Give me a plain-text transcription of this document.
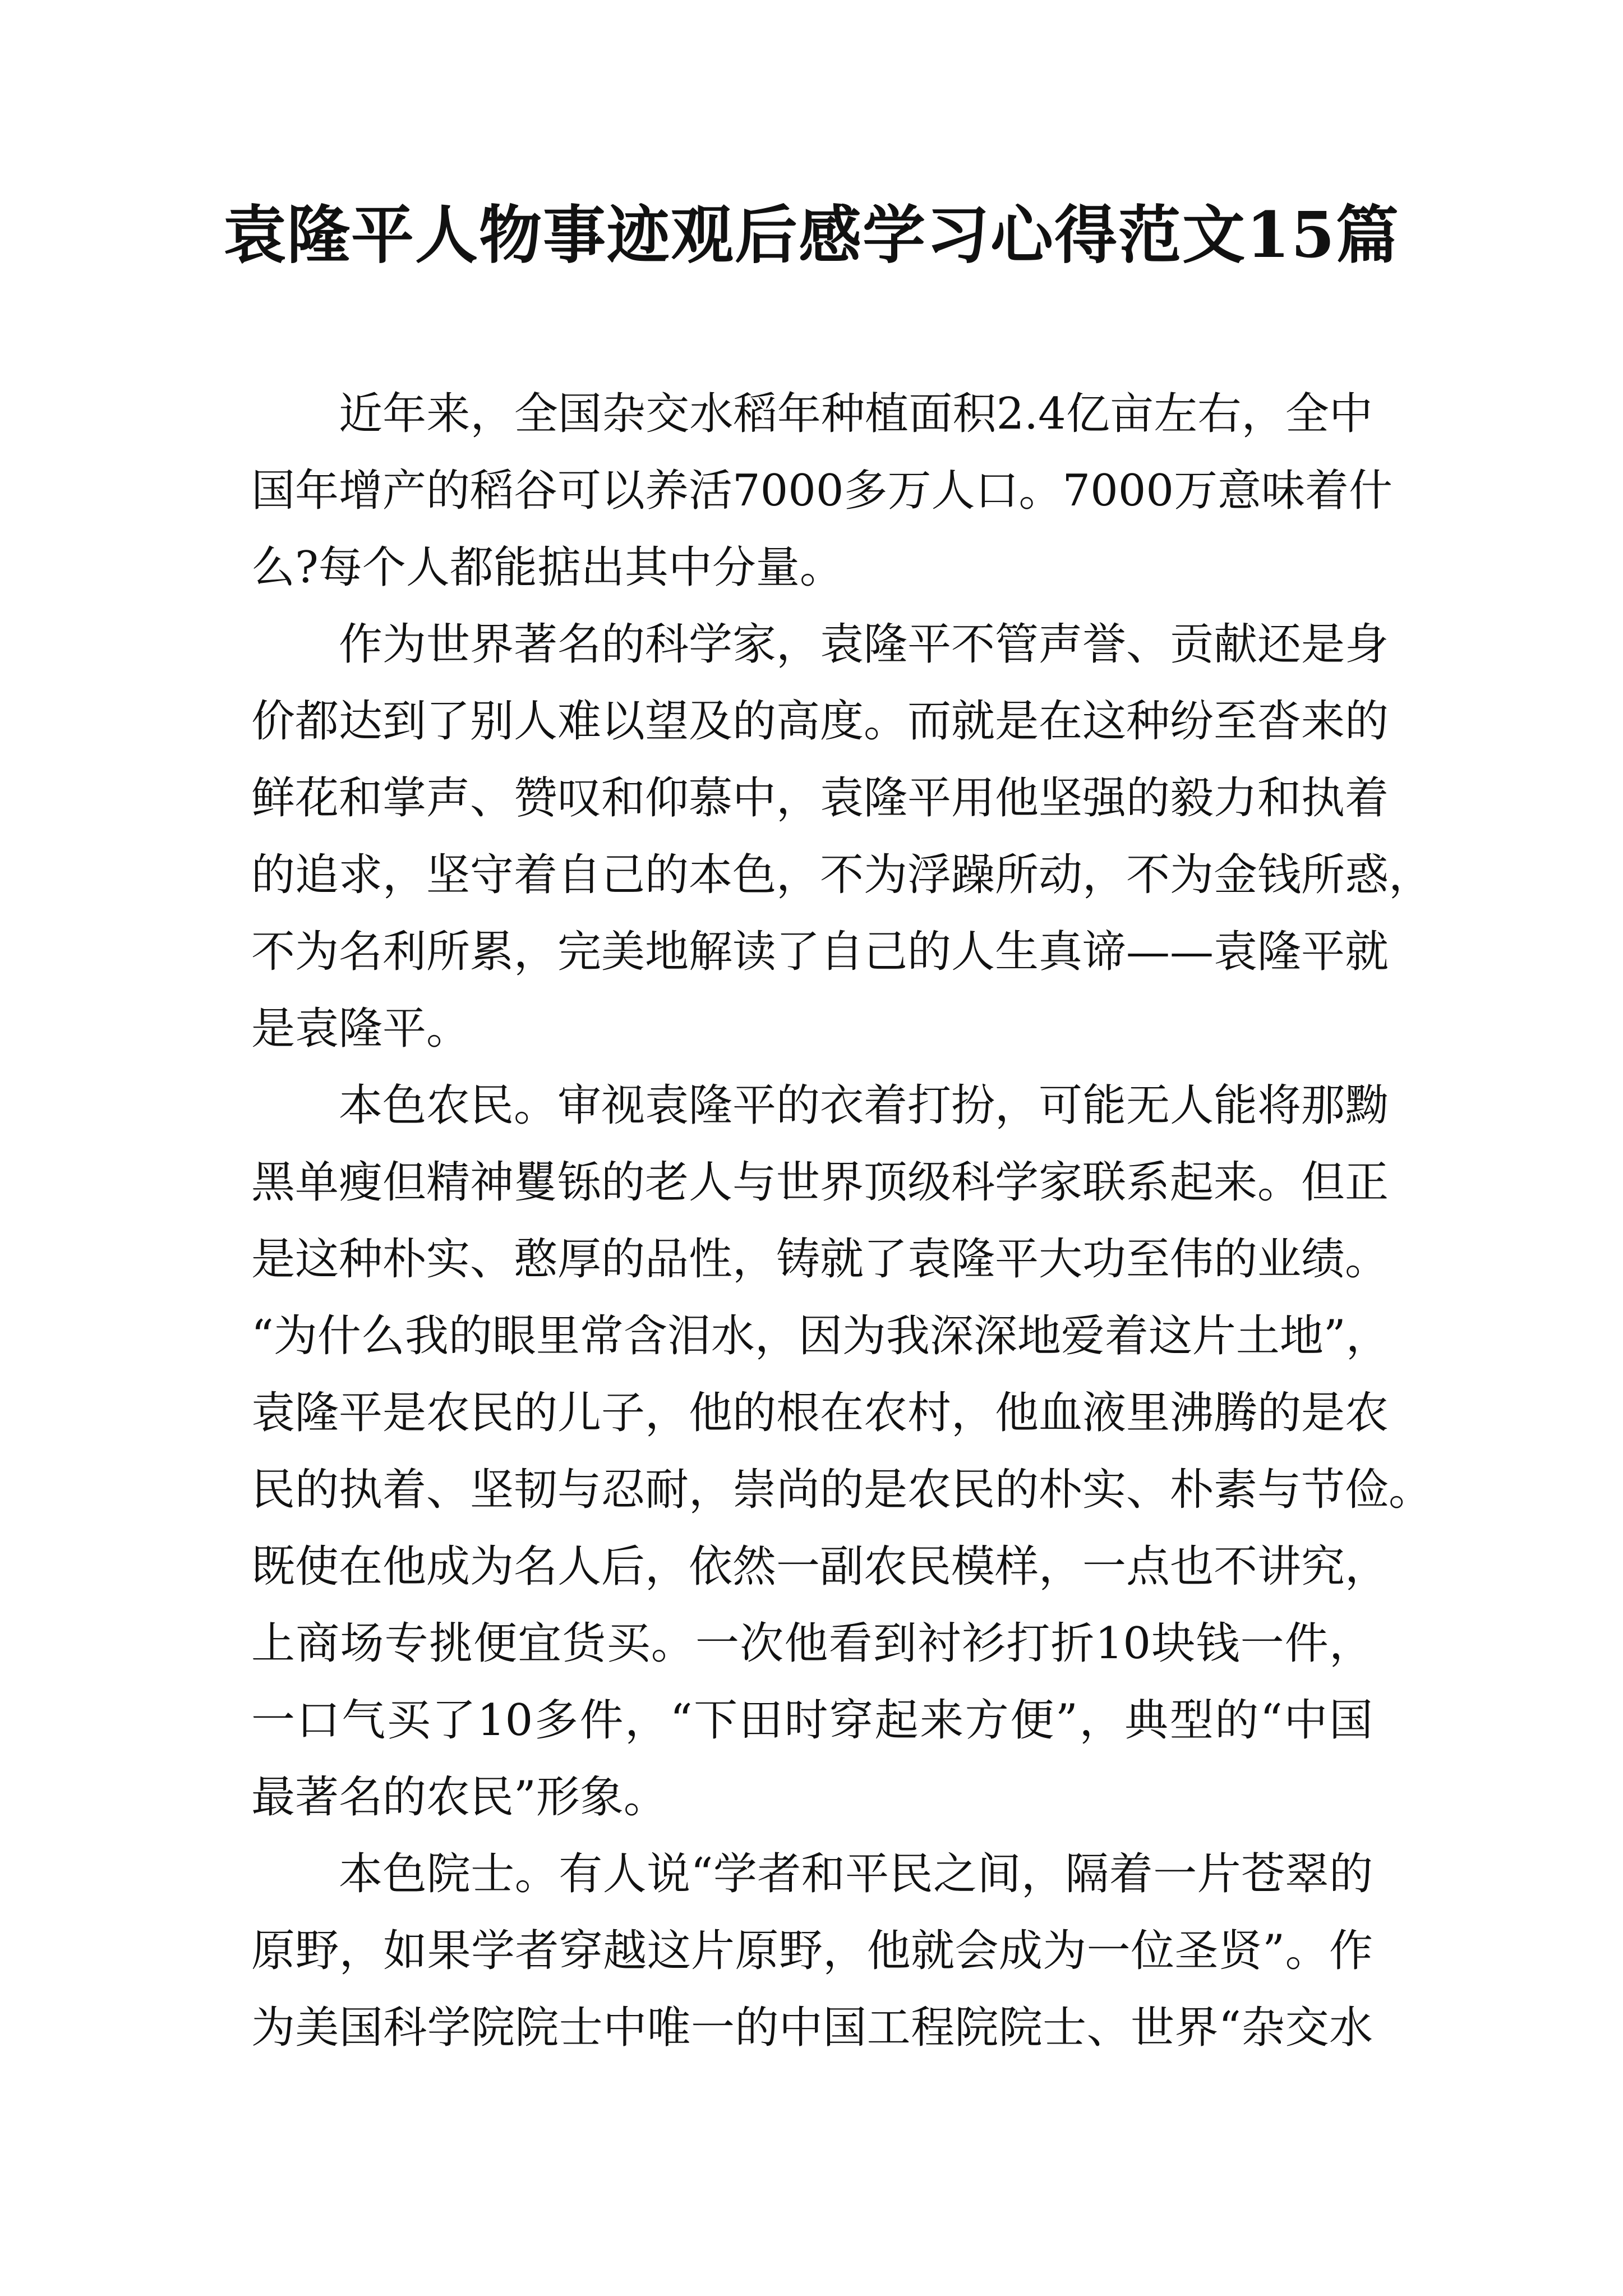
袁隆平人物事迹观后感学习心得范文15篇
近年来，全国杂交水稻年种植面积2.4亿亩左右，全中
国年增产的稻谷可以养活7000多万人口。7000万意味着什
么?每个人都能掂出其中分量。
作为世界著名的科学家，袁隆平不管声誉、贡献还是身
价都达到了别人难以望及的高度。而就是在这种纷至沓来的
鲜花和掌声、赞叹和仰慕中，袁隆平用他坚强的毅力和执着
的追求，坚守着自己的本色，不为浮躁所动，不为金钱所惑，
不为名利所累，完美地解读了自己的人生真谛——袁隆平就
是袁隆平。
本色农民。审视袁隆平的衣着打扮，可能无人能将那黝
黑单瘦但精神矍铄的老人与世界顶级科学家联系起来。但正
是这种朴实、憨厚的品性，铸就了袁隆平大功至伟的业绩。
“为什么我的眼里常含泪水，因为我深深地爱着这片土地”，
袁隆平是农民的儿子，他的根在农村，他血液里沸腾的是农
民的执着、坚韧与忍耐，崇尚的是农民的朴实、朴素与节俭。
既使在他成为名人后，依然一副农民模样，一点也不讲究，
上商场专挑便宜货买。一次他看到衬衫打折10块钱一件，
一口气买了10多件，“下田时穿起来方便”，典型的“中国
最著名的农民”形象。
本色院士。有人说“学者和平民之间，隔着一片苍翠的
原野，如果学者穿越这片原野，他就会成为一位圣贤”。作
为美国科学院院士中唯一的中国工程院院士、世界“杂交水
